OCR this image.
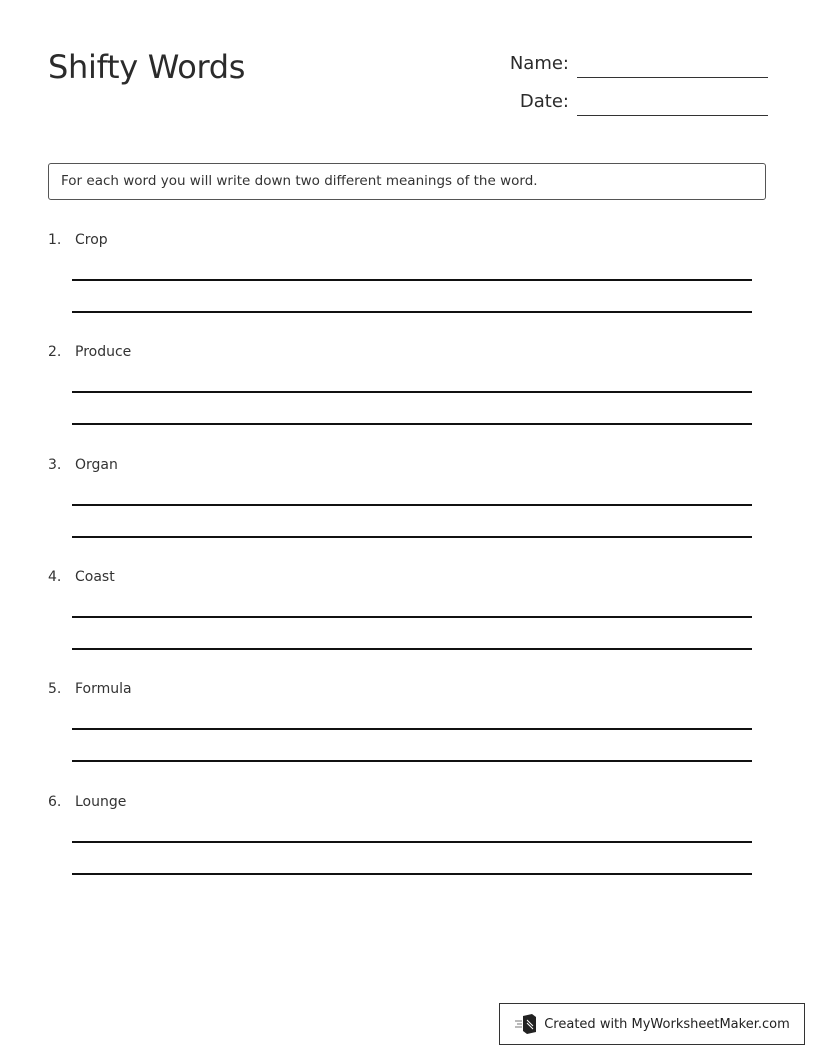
Shifty Words	Name:
Date:
For each word you will write down two different meanings of the word.
1. Crop
2. Produce
3. Organ
4. Coast
5. Formula
6. Lounge
Created with MyWorksheetMaker.com
